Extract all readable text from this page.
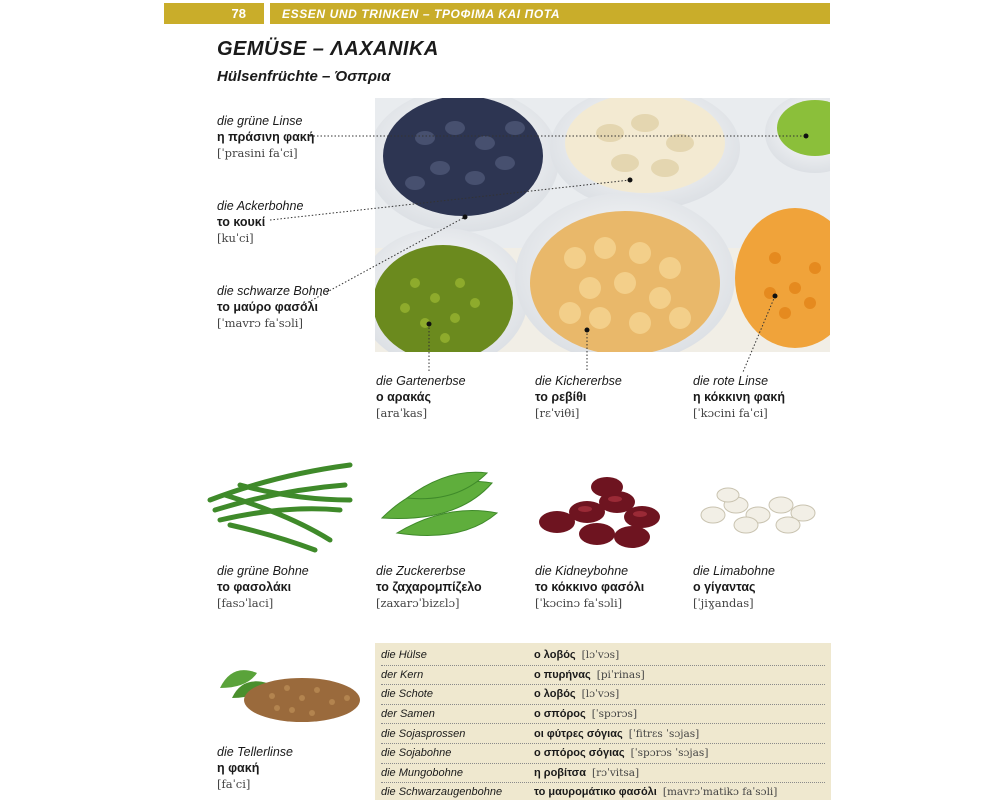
78	ESSEN UND TRINKEN – ΤΡΟΦΙΜΑ ΚΑΙ ΠΟΤΑ
GEMÜSE – ΛΑΧΑΝΙΚΑ
Hülsenfrüchte – Όσπρια
die grüne Linse
η πράσινη φακή
[ˈprasini faˈci]
die Ackerbohne
το κουκί
[kuˈci]
die schwarze Bohne
το μαύρο φασόλι
[ˈmavrɔ faˈsɔli]
die Gartenerbse
ο αρακάς
[araˈkas]
die Kichererbse
το ρεβίθι
[rɛˈviθi]
die rote Linse
η κόκκινη φακή
[ˈkɔcini faˈci]
die grüne Bohne
το φασολάκι
[fasɔˈlaci]
die Zuckererbse
το ζαχαρομπίζελο
[zaxarɔˈbizɛlɔ]
die Kidneybohne
το κόκκινο φασόλι
[ˈkɔcinɔ faˈsɔli]
die Limabohne
ο γίγαντας
[ˈjiɣandas]
die Tellerlinse
η φακή
[faˈci]
die Hülse	ο λοβός [lɔˈvɔs]
der Kern	ο πυρήνας [piˈrinas]
die Schote	ο λοβός [lɔˈvɔs]
der Samen	ο σπόρος [ˈspɔrɔs]
die Sojasprossen	οι φύτρες σόγιας [ˈfitrɛs ˈsɔjas]
die Sojabohne	ο σπόρος σόγιας [ˈspɔrɔs ˈsɔjas]
die Mungobohne	η ροβίτσα [rɔˈvitsa]
die Schwarzaugenbohne	το μαυρομάτικο φασόλι [mavrɔˈmatikɔ faˈsɔli]
